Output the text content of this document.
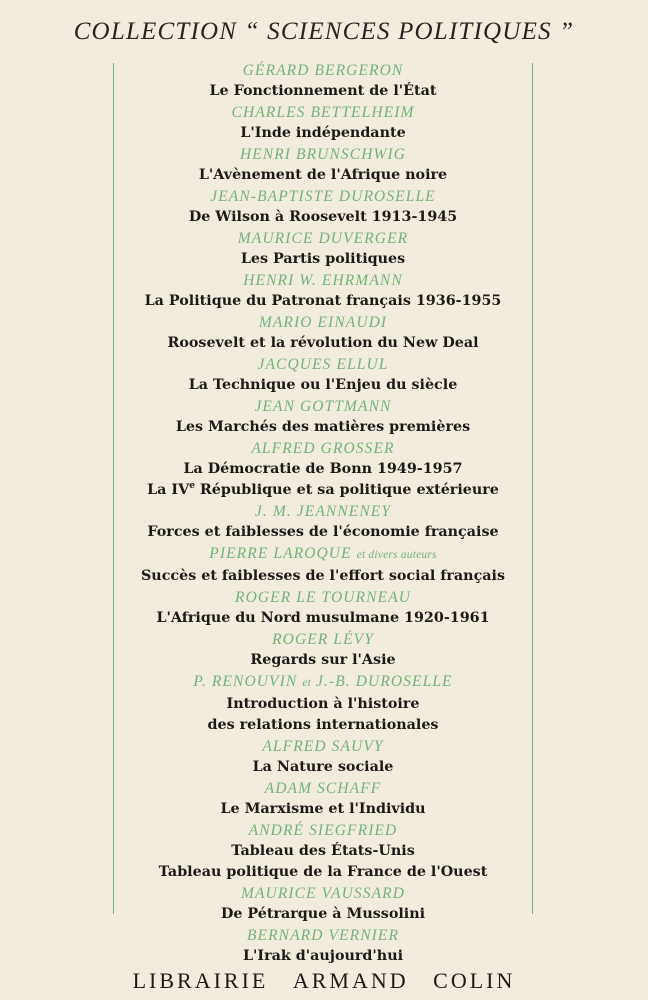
COLLECTION “ SCIENCES POLITIQUES ”
GÉRARD BERGERON
Le Fonctionnement de l'État
CHARLES BETTELHEIM
L'Inde indépendante
HENRI BRUNSCHWIG
L'Avènement de l'Afrique noire
JEAN-BAPTISTE DUROSELLE
De Wilson à Roosevelt 1913-1945
MAURICE DUVERGER
Les Partis politiques
HENRI W. EHRMANN
La Politique du Patronat français 1936-1955
MARIO EINAUDI
Roosevelt et la révolution du New Deal
JACQUES ELLUL
La Technique ou l'Enjeu du siècle
JEAN GOTTMANN
Les Marchés des matières premières
ALFRED GROSSER
La Démocratie de Bonn 1949-1957
La IVe République et sa politique extérieure
J. M. JEANNENEY
Forces et faiblesses de l'économie française
PIERRE LAROQUE et divers auteurs
Succès et faiblesses de l'effort social français
ROGER LE TOURNEAU
L'Afrique du Nord musulmane 1920-1961
ROGER LÉVY
Regards sur l'Asie
P. RENOUVIN et J.-B. DUROSELLE
Introduction à l'histoire
des relations internationales
ALFRED SAUVY
La Nature sociale
ADAM SCHAFF
Le Marxisme et l'Individu
ANDRÉ SIEGFRIED
Tableau des États-Unis
Tableau politique de la France de l'Ouest
MAURICE VAUSSARD
De Pétrarque à Mussolini
BERNARD VERNIER
L'Irak d'aujourd'hui
LIBRAIRIE ARMAND COLIN
